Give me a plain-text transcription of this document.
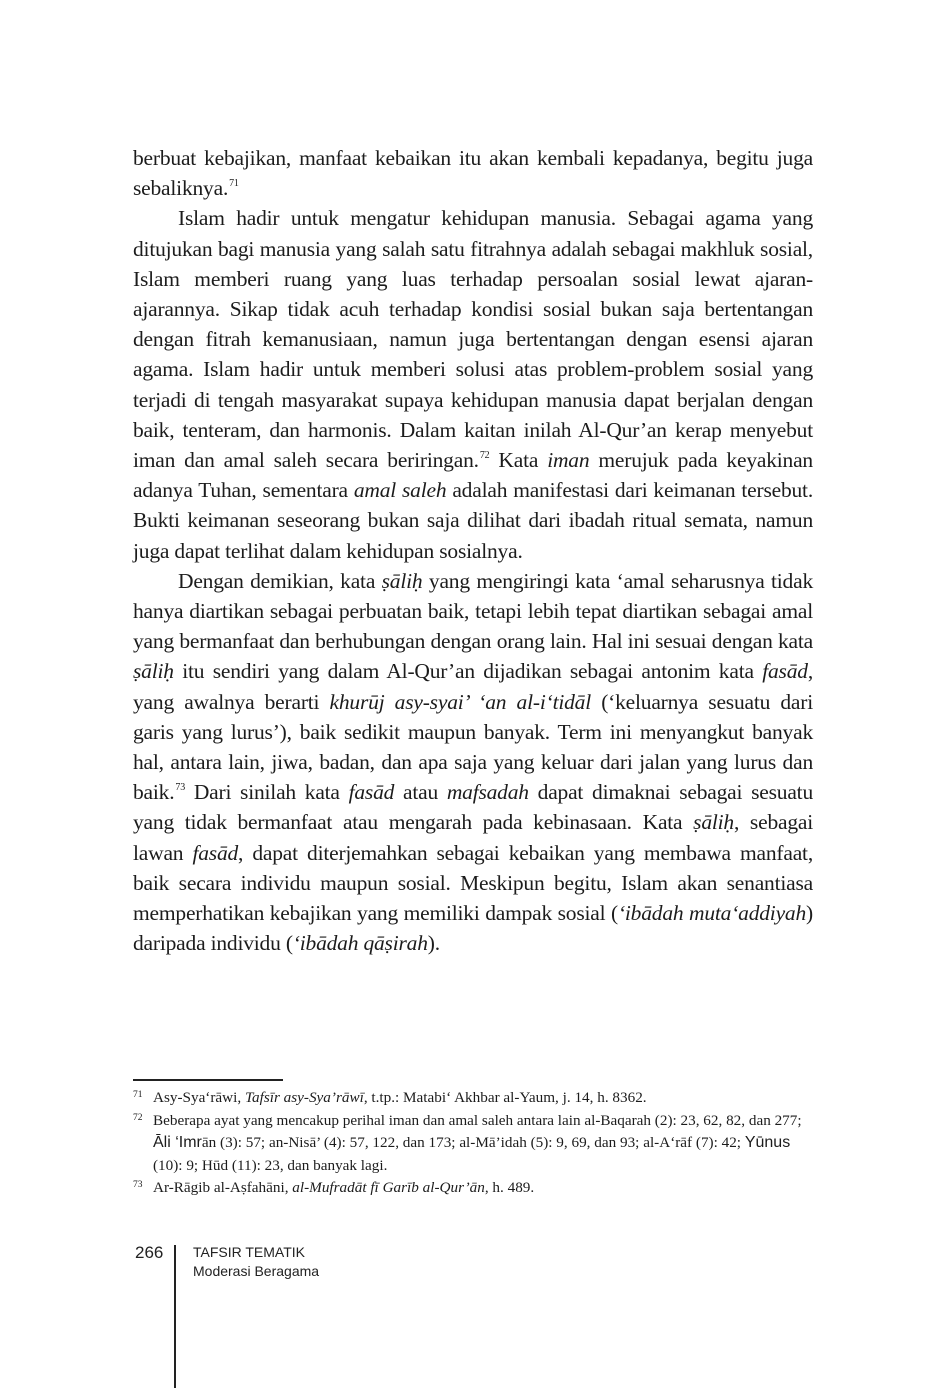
berbuat kebajikan, manfaat kebaikan itu akan kembali kepadanya, begitu juga sebaliknya.$^{71}$

Islam hadir untuk mengatur kehidupan manusia. Sebagai agama yang ditujukan bagi manusia yang salah satu fitrahnya adalah sebagai makhluk sosial, Islam memberi ruang yang luas terhadap persoalan sosial lewat ajaran-ajarannya. Sikap tidak acuh terhadap kondisi sosial bukan saja bertentangan dengan fitrah kemanusiaan, namun juga bertentangan dengan esensi ajaran agama. Islam hadir untuk memberi solusi atas problem-problem sosial yang terjadi di tengah masyarakat supaya kehidupan manusia dapat berjalan dengan baik, tenteram, dan harmonis. Dalam kaitan inilah Al-Qur’an kerap menyebut iman dan amal saleh secara beriringan.$^{72}$ Kata iman merujuk pada keyakinan adanya Tuhan, sementara amal saleh adalah manifestasi dari keimanan tersebut. Bukti keimanan seseorang bukan saja dilihat dari ibadah ritual semata, namun juga dapat terlihat dalam kehidupan sosialnya.

Dengan demikian, kata ṣāliḥ yang mengiringi kata ‘amal seharusnya tidak hanya diartikan sebagai perbuatan baik, tetapi lebih tepat diartikan sebagai amal yang bermanfaat dan berhubungan dengan orang lain. Hal ini sesuai dengan kata ṣāliḥ itu sendiri yang dalam Al-Qur’an dijadikan sebagai antonim kata fasād, yang awalnya berarti khurūj asy-syai’ ‘an al-i‘tidāl (‘keluarnya sesuatu dari garis yang lurus’), baik sedikit maupun banyak. Term ini menyangkut banyak hal, antara lain, jiwa, badan, dan apa saja yang keluar dari jalan yang lurus dan baik.$^{73}$ Dari sinilah kata fasād atau mafsadah dapat dimaknai sebagai sesuatu yang tidak bermanfaat atau mengarah pada kebinasaan. Kata ṣāliḥ, sebagai lawan fasād, dapat diterjemahkan sebagai kebaikan yang membawa manfaat, baik secara individu maupun sosial. Meskipun begitu, Islam akan senantiasa memperhatikan kebajikan yang memiliki dampak sosial (‘ibādah muta‘addiyah) daripada individu (‘ibādah qāṣirah).

71 Asy-Sya‘rāwi, Tafsīr asy-Sya’rāwī, t.tp.: Matabi‘ Akhbar al-Yaum, j. 14, h. 8362.

72 Beberapa ayat yang mencakup perihal iman dan amal saleh antara lain al-Baqarah (2): 23, 62, 82, dan 277; Āli ‘Imrān (3): 57; an-Nisā’ (4): 57, 122, dan 173; al-Mā’idah (5): 9, 69, dan 93; al-A‘rāf (7): 42; Yūnus (10): 9; Hūd (11): 23, dan banyak lagi.

73 Ar-Rāgib al-Aṣfahāni, al-Mufradāt fī Garīb al-Qur’ān, h. 489.

266 TAFSIR TEMATIK
Moderasi Beragama
